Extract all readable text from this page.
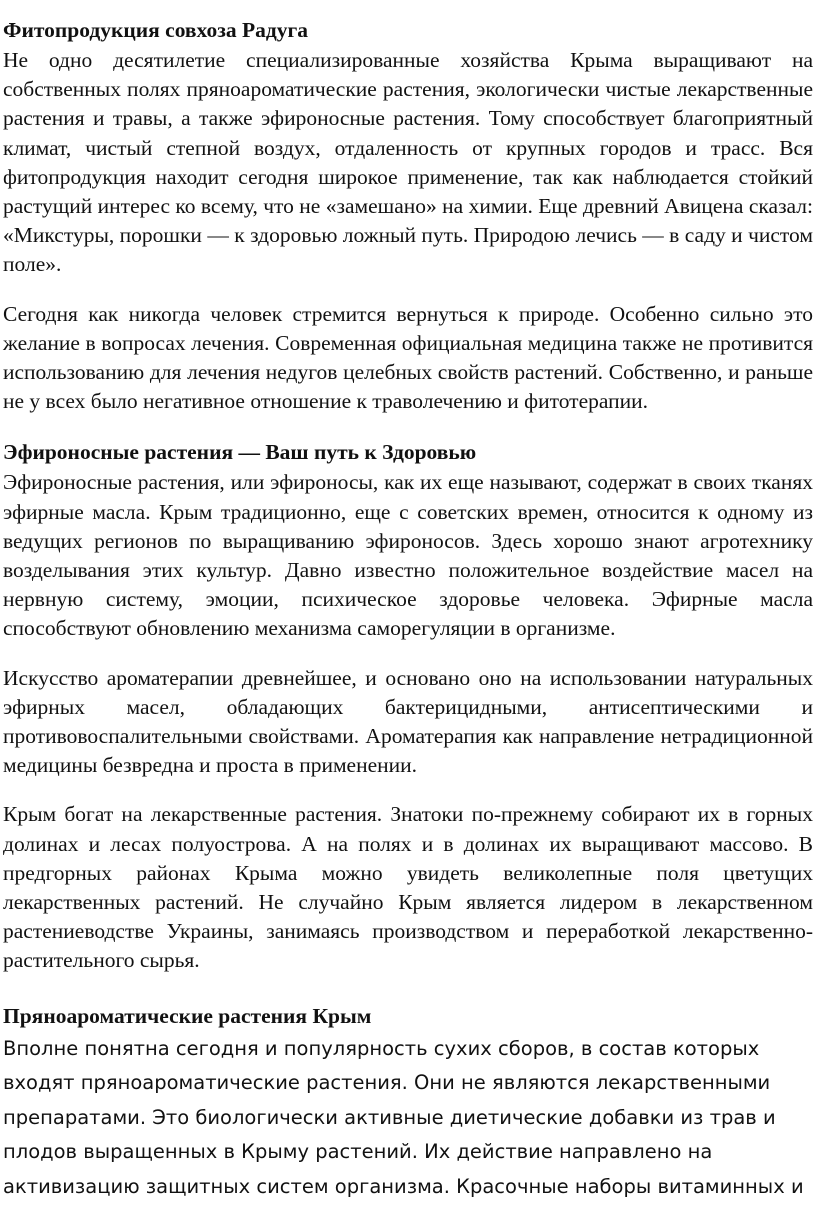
Фитопродукция совхоза Радуга

Не одно десятилетие специализированные хозяйства Крыма выращивают на собственных полях пряноароматические растения, экологически чистые лекарственные растения и травы, а также эфироносные растения. Тому способствует благоприятный климат, чистый степной воздух, отдаленность от крупных городов и трасс. Вся фитопродукция находит сегодня широкое применение, так как наблюдается стойкий растущий интерес ко всему, что не «замешано» на химии. Еще древний Авицена сказал: «Микстуры, порошки — к здоровью ложный путь. Природою лечись — в саду и чистом поле».

Сегодня как никогда человек стремится вернуться к природе. Особенно сильно это желание в вопросах лечения. Современная официальная медицина также не противится использованию для лечения недугов целебных свойств растений. Собственно, и раньше не у всех было негативное отношение к траволечению и фитотерапии.

Эфироносные растения — Ваш путь к Здоровью

Эфироносные растения, или эфироносы, как их еще называют, содержат в своих тканях эфирные масла. Крым традиционно, еще с советских времен, относится к одному из ведущих регионов по выращиванию эфироносов. Здесь хорошо знают агротехнику возделывания этих культур. Давно известно положительное воздействие масел на нервную систему, эмоции, психическое здоровье человека. Эфирные масла способствуют обновлению механизма саморегуляции в организме.

Искусство ароматерапии древнейшее, и основано оно на использовании натуральных эфирных масел, обладающих бактерицидными, антисептическими и противовоспалительными свойствами. Ароматерапия как направление нетрадиционной медицины безвредна и проста в применении.

Крым богат на лекарственные растения. Знатоки по-прежнему собирают их в горных долинах и лесах полуострова. А на полях и в долинах их выращивают массово. В предгорных районах Крыма можно увидеть великолепные поля цветущих лекарственных растений. Не случайно Крым является лидером в лекарственном растениеводстве Украины, занимаясь производством и переработкой лекарственно-растительного сырья.

Пряноароматические растения Крым

Вполне понятна сегодня и популярность сухих сборов, в состав которых входят пряноароматические растения. Они не являются лекарственными препаратами. Это биологически активные диетические добавки из трав и плодов выращенных в Крыму растений. Их действие направлено на активизацию защитных систем организма. Красочные наборы витаминных и
